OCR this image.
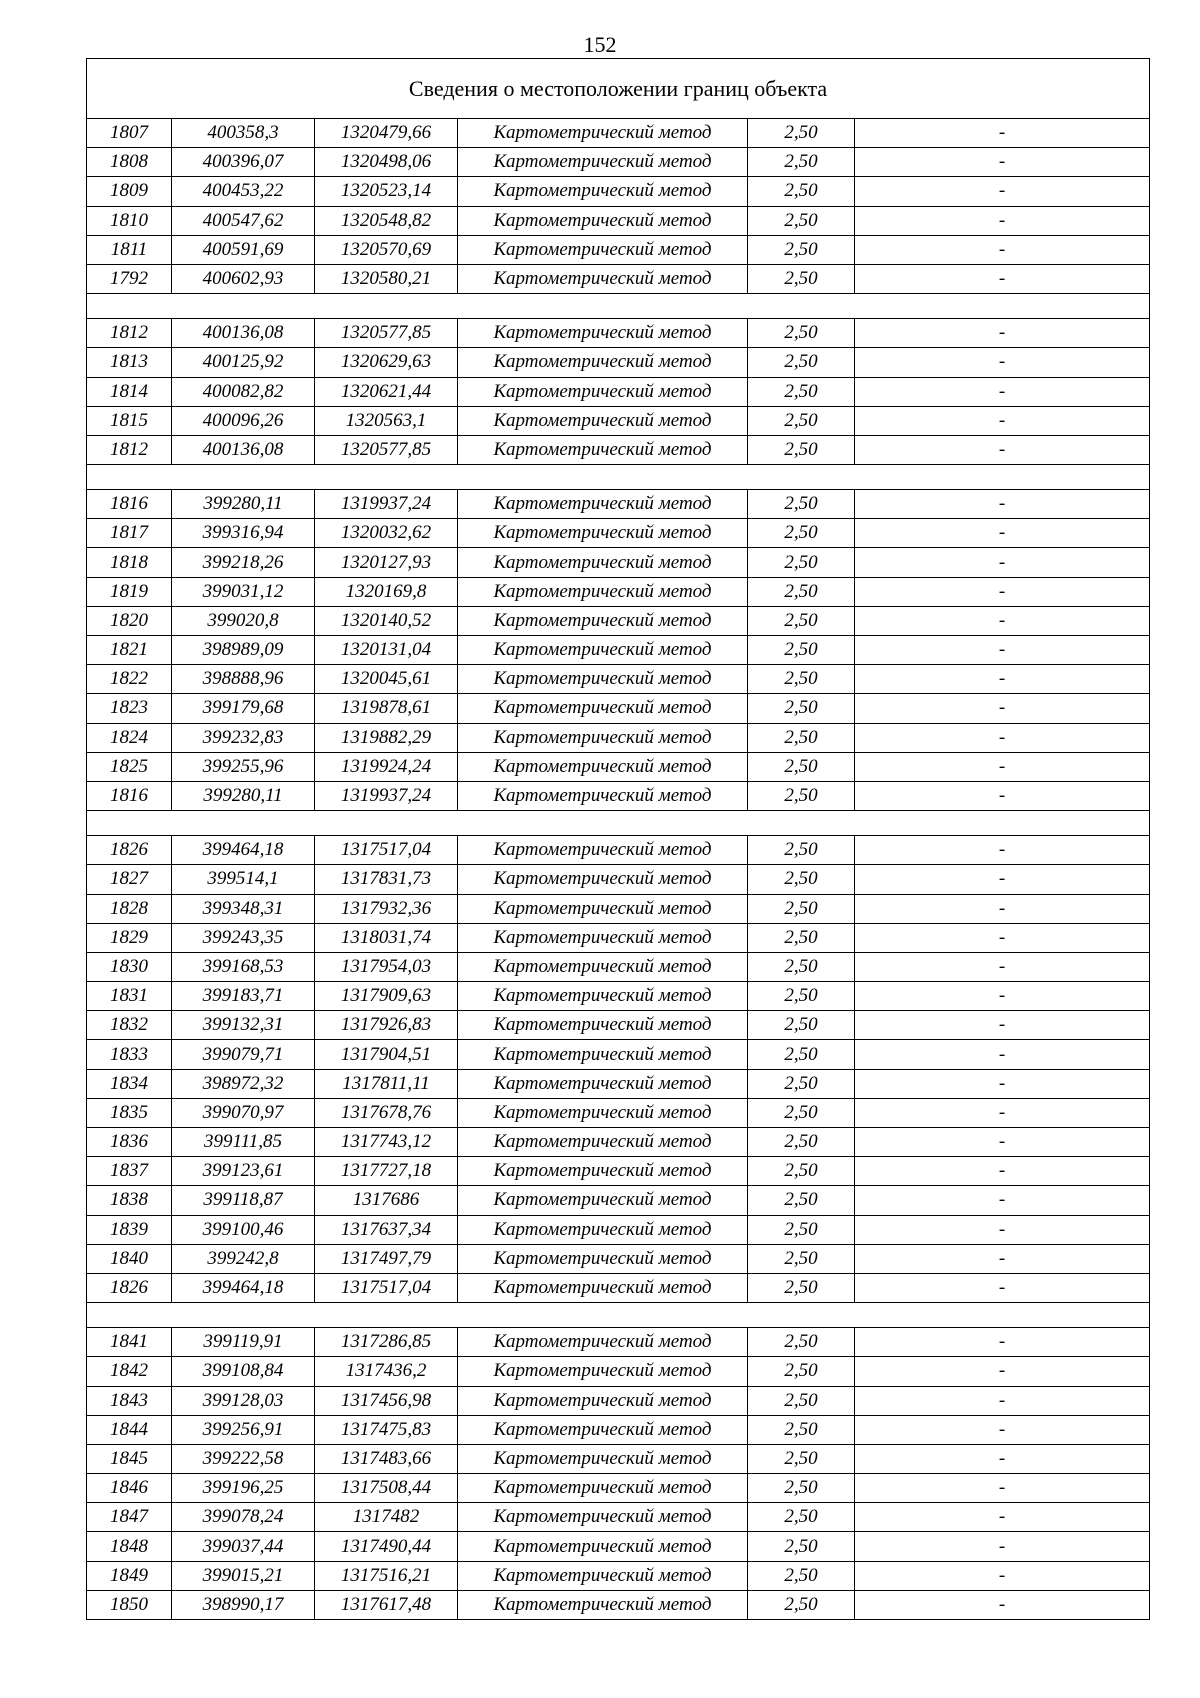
152
Сведения о местоположении границ объекта					
1807	400358,3	1320479,66	Картометрический метод	2,50	-
1808	400396,07	1320498,06	Картометрический метод	2,50	-
1809	400453,22	1320523,14	Картометрический метод	2,50	-
1810	400547,62	1320548,82	Картометрический метод	2,50	-
1811	400591,69	1320570,69	Картометрический метод	2,50	-
1792	400602,93	1320580,21	Картометрический метод	2,50	-

1812	400136,08	1320577,85	Картометрический метод	2,50	-
1813	400125,92	1320629,63	Картометрический метод	2,50	-
1814	400082,82	1320621,44	Картометрический метод	2,50	-
1815	400096,26	1320563,1	Картометрический метод	2,50	-
1812	400136,08	1320577,85	Картометрический метод	2,50	-

1816	399280,11	1319937,24	Картометрический метод	2,50	-
1817	399316,94	1320032,62	Картометрический метод	2,50	-
1818	399218,26	1320127,93	Картометрический метод	2,50	-
1819	399031,12	1320169,8	Картометрический метод	2,50	-
1820	399020,8	1320140,52	Картометрический метод	2,50	-
1821	398989,09	1320131,04	Картометрический метод	2,50	-
1822	398888,96	1320045,61	Картометрический метод	2,50	-
1823	399179,68	1319878,61	Картометрический метод	2,50	-
1824	399232,83	1319882,29	Картометрический метод	2,50	-
1825	399255,96	1319924,24	Картометрический метод	2,50	-
1816	399280,11	1319937,24	Картометрический метод	2,50	-

1826	399464,18	1317517,04	Картометрический метод	2,50	-
1827	399514,1	1317831,73	Картометрический метод	2,50	-
1828	399348,31	1317932,36	Картометрический метод	2,50	-
1829	399243,35	1318031,74	Картометрический метод	2,50	-
1830	399168,53	1317954,03	Картометрический метод	2,50	-
1831	399183,71	1317909,63	Картометрический метод	2,50	-
1832	399132,31	1317926,83	Картометрический метод	2,50	-
1833	399079,71	1317904,51	Картометрический метод	2,50	-
1834	398972,32	1317811,11	Картометрический метод	2,50	-
1835	399070,97	1317678,76	Картометрический метод	2,50	-
1836	399111,85	1317743,12	Картометрический метод	2,50	-
1837	399123,61	1317727,18	Картометрический метод	2,50	-
1838	399118,87	1317686	Картометрический метод	2,50	-
1839	399100,46	1317637,34	Картометрический метод	2,50	-
1840	399242,8	1317497,79	Картометрический метод	2,50	-
1826	399464,18	1317517,04	Картометрический метод	2,50	-

1841	399119,91	1317286,85	Картометрический метод	2,50	-
1842	399108,84	1317436,2	Картометрический метод	2,50	-
1843	399128,03	1317456,98	Картометрический метод	2,50	-
1844	399256,91	1317475,83	Картометрический метод	2,50	-
1845	399222,58	1317483,66	Картометрический метод	2,50	-
1846	399196,25	1317508,44	Картометрический метод	2,50	-
1847	399078,24	1317482	Картометрический метод	2,50	-
1848	399037,44	1317490,44	Картометрический метод	2,50	-
1849	399015,21	1317516,21	Картометрический метод	2,50	-
1850	398990,17	1317617,48	Картометрический метод	2,50	-
